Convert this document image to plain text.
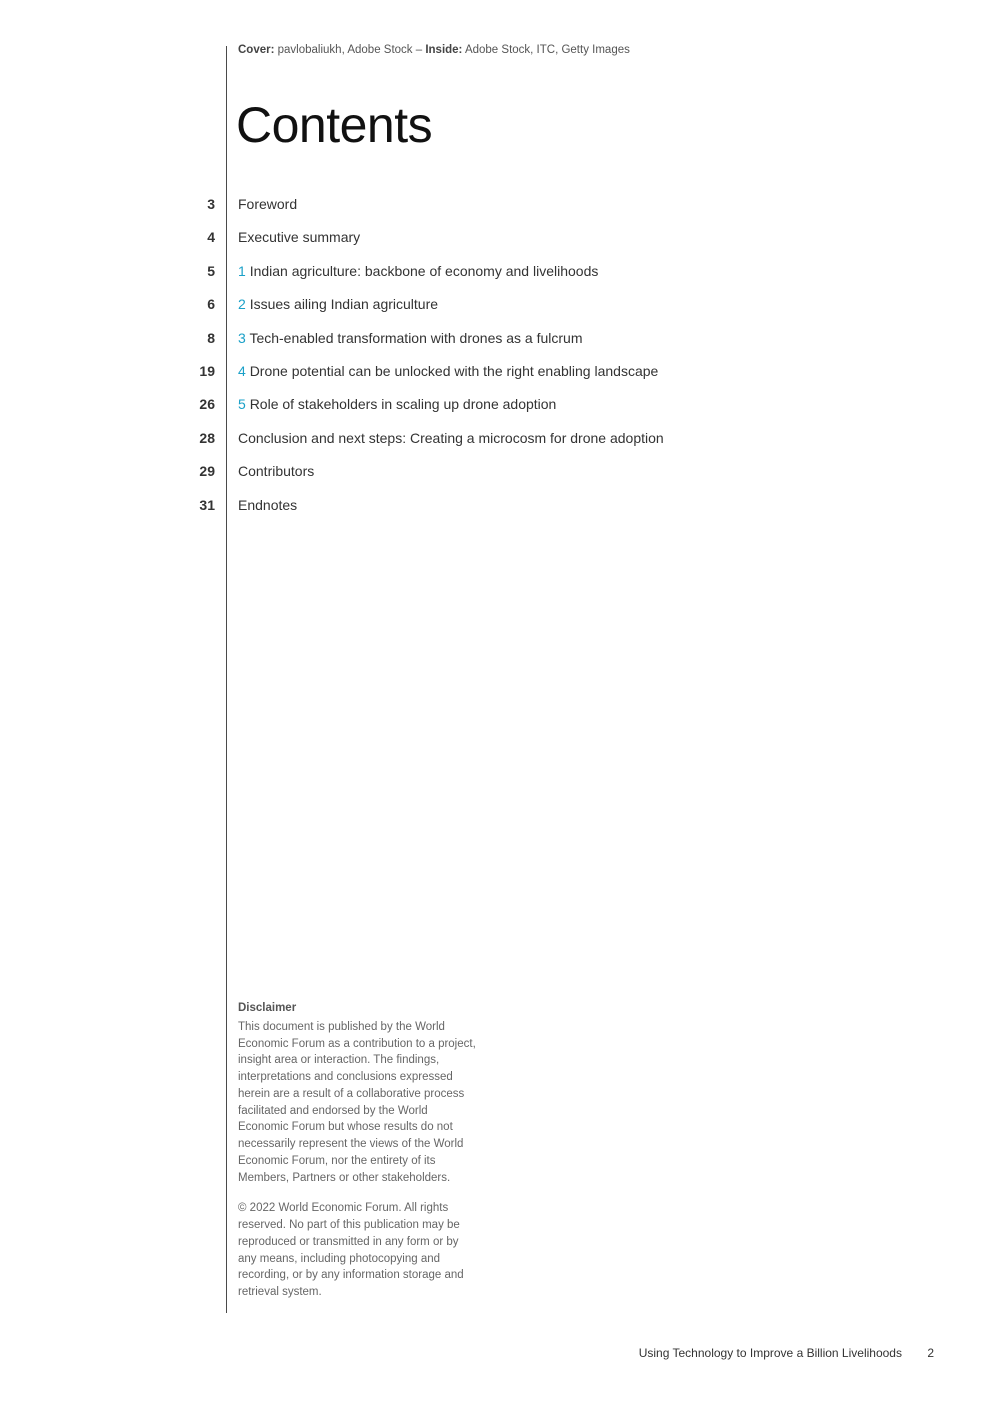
Cover: pavlobaliukh, Adobe Stock – Inside: Adobe Stock, ITC, Getty Images
Contents
3 Foreword
4 Executive summary
5 1 Indian agriculture: backbone of economy and livelihoods
6 2 Issues ailing Indian agriculture
8 3 Tech-enabled transformation with drones as a fulcrum
19 4 Drone potential can be unlocked with the right enabling landscape
26 5 Role of stakeholders in scaling up drone adoption
28 Conclusion and next steps: Creating a microcosm for drone adoption
29 Contributors
31 Endnotes
Disclaimer

This document is published by the World Economic Forum as a contribution to a project, insight area or interaction. The findings, interpretations and conclusions expressed herein are a result of a collaborative process facilitated and endorsed by the World Economic Forum but whose results do not necessarily represent the views of the World Economic Forum, nor the entirety of its Members, Partners or other stakeholders.

© 2022 World Economic Forum. All rights reserved. No part of this publication may be reproduced or transmitted in any form or by any means, including photocopying and recording, or by any information storage and retrieval system.

Using Technology to Improve a Billion Livelihoods 2
